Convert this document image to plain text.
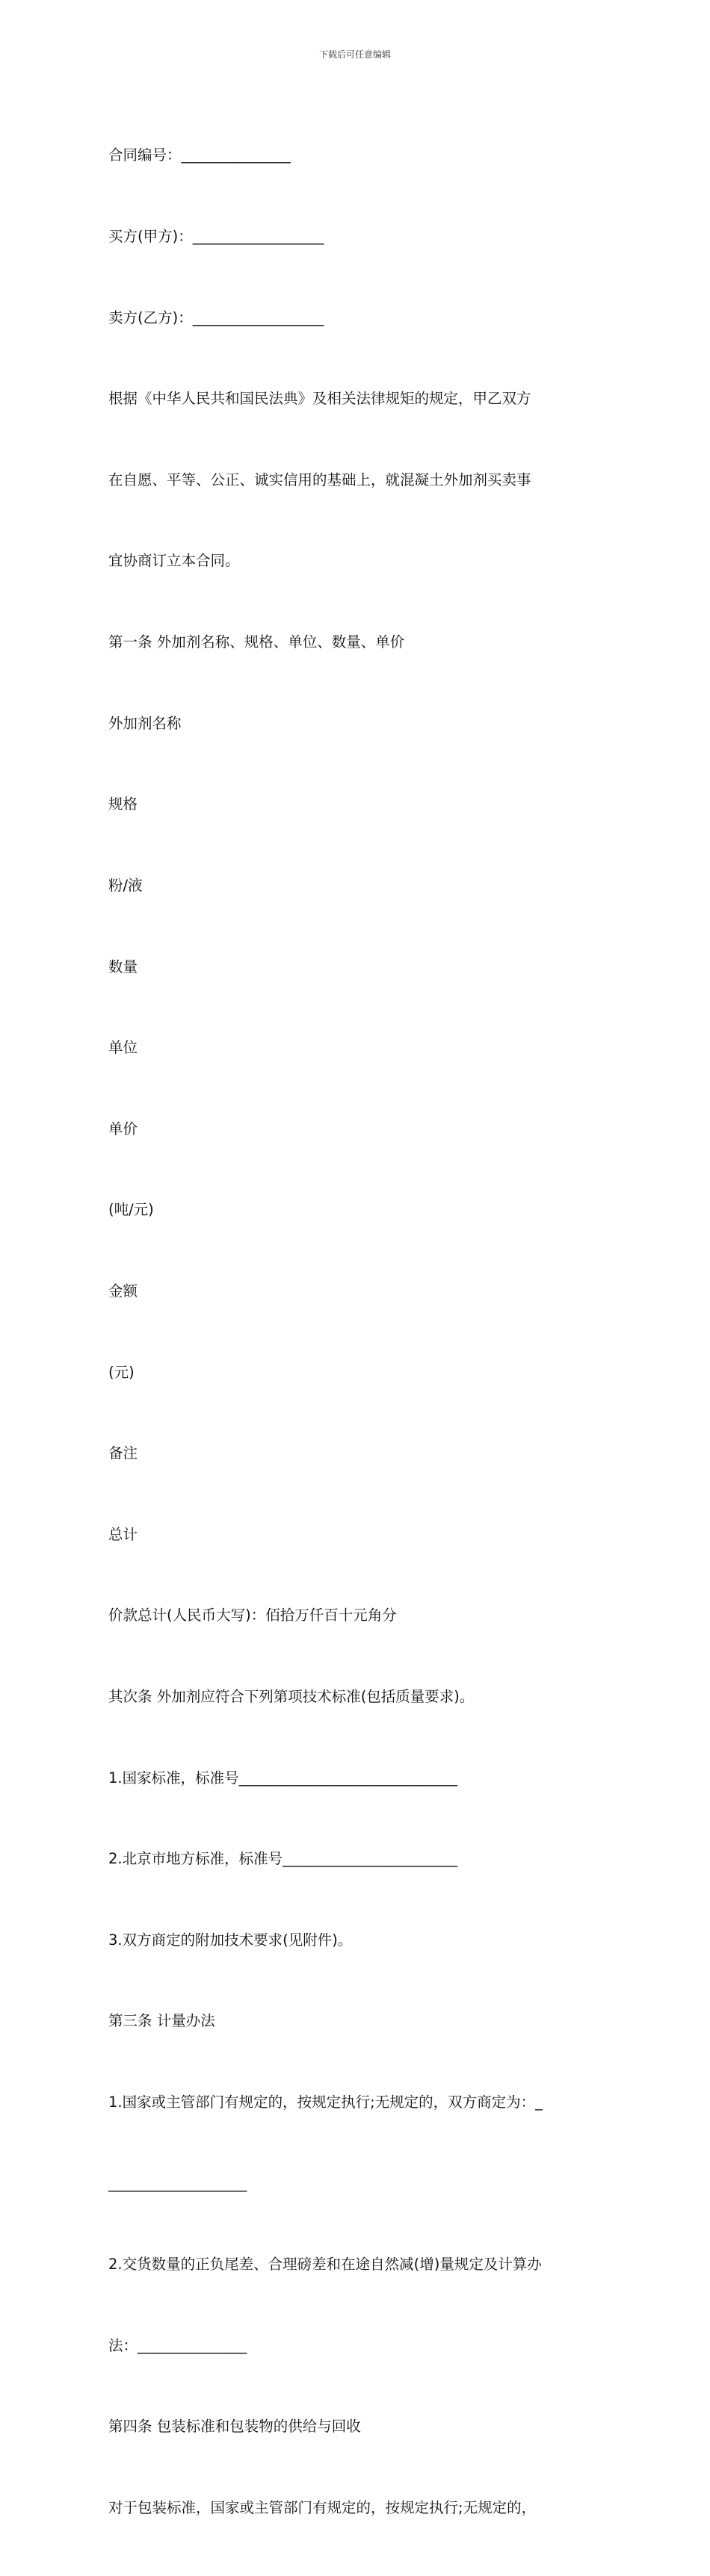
下载后可任意编辑

合同编号：_______________

买方(甲方)：__________________

卖方(乙方)：__________________

根据《中华人民共和国民法典》及相关法律规矩的规定，甲乙双方

在自愿、平等、公正、诚实信用的基础上，就混凝土外加剂买卖事

宜协商订立本合同。

第一条 外加剂名称、规格、单位、数量、单价

外加剂名称

规格

粉/液

数量

单位

单价

(吨/元)

金额

(元)

备注

总计

价款总计(人民币大写)：佰拾万仟百十元角分

其次条 外加剂应符合下列第项技术标准(包括质量要求)。

1.国家标准，标准号______________________________

2.北京市地方标准，标准号________________________

3.双方商定的附加技术要求(见附件)。

第三条 计量办法

1.国家或主管部门有规定的，按规定执行;无规定的，双方商定为：_

___________________

2.交货数量的正负尾差、合理磅差和在途自然减(增)量规定及计算办

法：_______________

第四条 包装标准和包装物的供给与回收

对于包装标准，国家或主管部门有规定的，按规定执行;无规定的，
